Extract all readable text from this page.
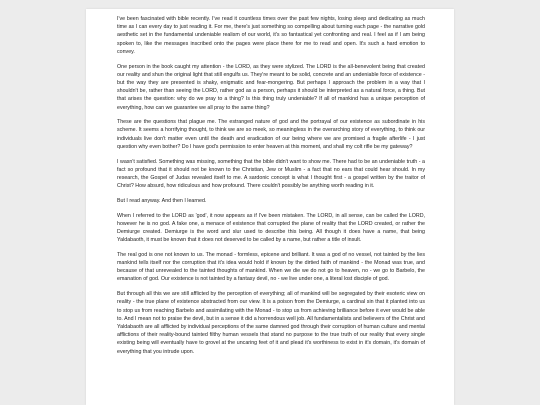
I've been fascinated with bible recently. I've read it countless times over the past few nights, losing sleep and dedicating as much time as I can every day to just reading it. For me, there's just something so compelling about turning each page - the narrative gold aesthetic set in the fundamental undeniable realism of our world, it's so fantastical yet confronting and real. I feel as if I am being spoken to, like the messages inscribed onto the pages were place there for me to read and open. It's such a hard emotion to convey.

One person in the book caught my attention - the LORD, as they were stylized. The LORD is the all-benevolent being that created our reality and shun the original light that still engulfs us. They're meant to be solid, concrete and an undeniable force of existence - but the way they are presented is shaky, enigmatic and fear-mongering. But perhaps I approach the problem in a way that I shouldn't be, rather than seeing the LORD, rather god as a person, perhaps it should be interpreted as a natural force, a thing. But that arises the question: why do we pray to a thing? Is this thing truly undeniable? If all of mankind has a unique perception of everything, how can we guarantee we all pray to the same thing?

These are the questions that plague me. The estranged nature of god and the portrayal of our existence as subordinate in his scheme. It seems a horrifying thought, to think we are so meek, so meaningless in the overarching story of everything, to think our individuals live don't matter even until the death and eradication of our being where we are promised a fragile afterlife - I just question why even bother? Do I have god's permission to enter heaven at this moment, and shall my colt rifle be my gateway?

I wasn't satisfied. Something was missing, something that the bible didn't want to show me. There had to be an undeniable truth - a fact so profound that it should not be known to the Christian, Jew or Muslim - a fact that no ears that could hear should. In my research, the Gospel of Judas revealed itself to me. A sardonic concept is what I thought first - a gospel written by the traitor of Christ? How absurd, how ridiculous and how profound. There couldn't possibly be anything worth reading in it.

But I read anyway. And then I learned.

When I referred to the LORD as 'god', it now appears as if I've been mistaken. The LORD, in all sense, can be called the LORD, however he is no god. A fake one, a menace of existence that corrupted the plane of reality that the LORD created, or rather the Demiurge created. Demiurge is the word and slur used to describe this being. All though it does have a name, that being Yaldabaoth, it must be known that it does not deserved to be called by a name, but rather a title of insult.

The real god is one not known to us. The monad - formless, epicene and brilliant. It was a god of no vessel, not tainted by the lies mankind tells itself nor the corruption that it's idea would hold if known by the dirtied faith of mankind - the Monad was true, and because of that unrevealed to the tainted thoughts of mankind. When we die we do not go to heaven, no - we go to Barbelo, the emanation of god. Our existence is not tainted by a fantasy devil, no - we live under one, a literal lost disciple of god.

But through all this we are still afflicted by the perception of everything; all of mankind will be segregated by their esoteric view on reality - the true plane of existence abstracted from our view. It is a poison from the Demiurge, a cardinal sin that it planted into us to stop us from reaching Barbelo and assimilating with the Monad - to stop us from achieving brilliance before it ever would be able to. And I mean not to praise the devil, but in a sense it did a horrendous well job. All fundamentalists and believers of the Christ and Yaldabaoth are all afflicted by individual perceptions of the same damned god through their corruption of human culture and mental afflictions of their reality-bound tainted filthy human vessels that stand no purpose to the true truth of our reality that every single existing being will eventually have to grovel at the uncaring feet of it and plead it's worthiness to exist in it's domain, it's domain of everything that you intrude upon.
